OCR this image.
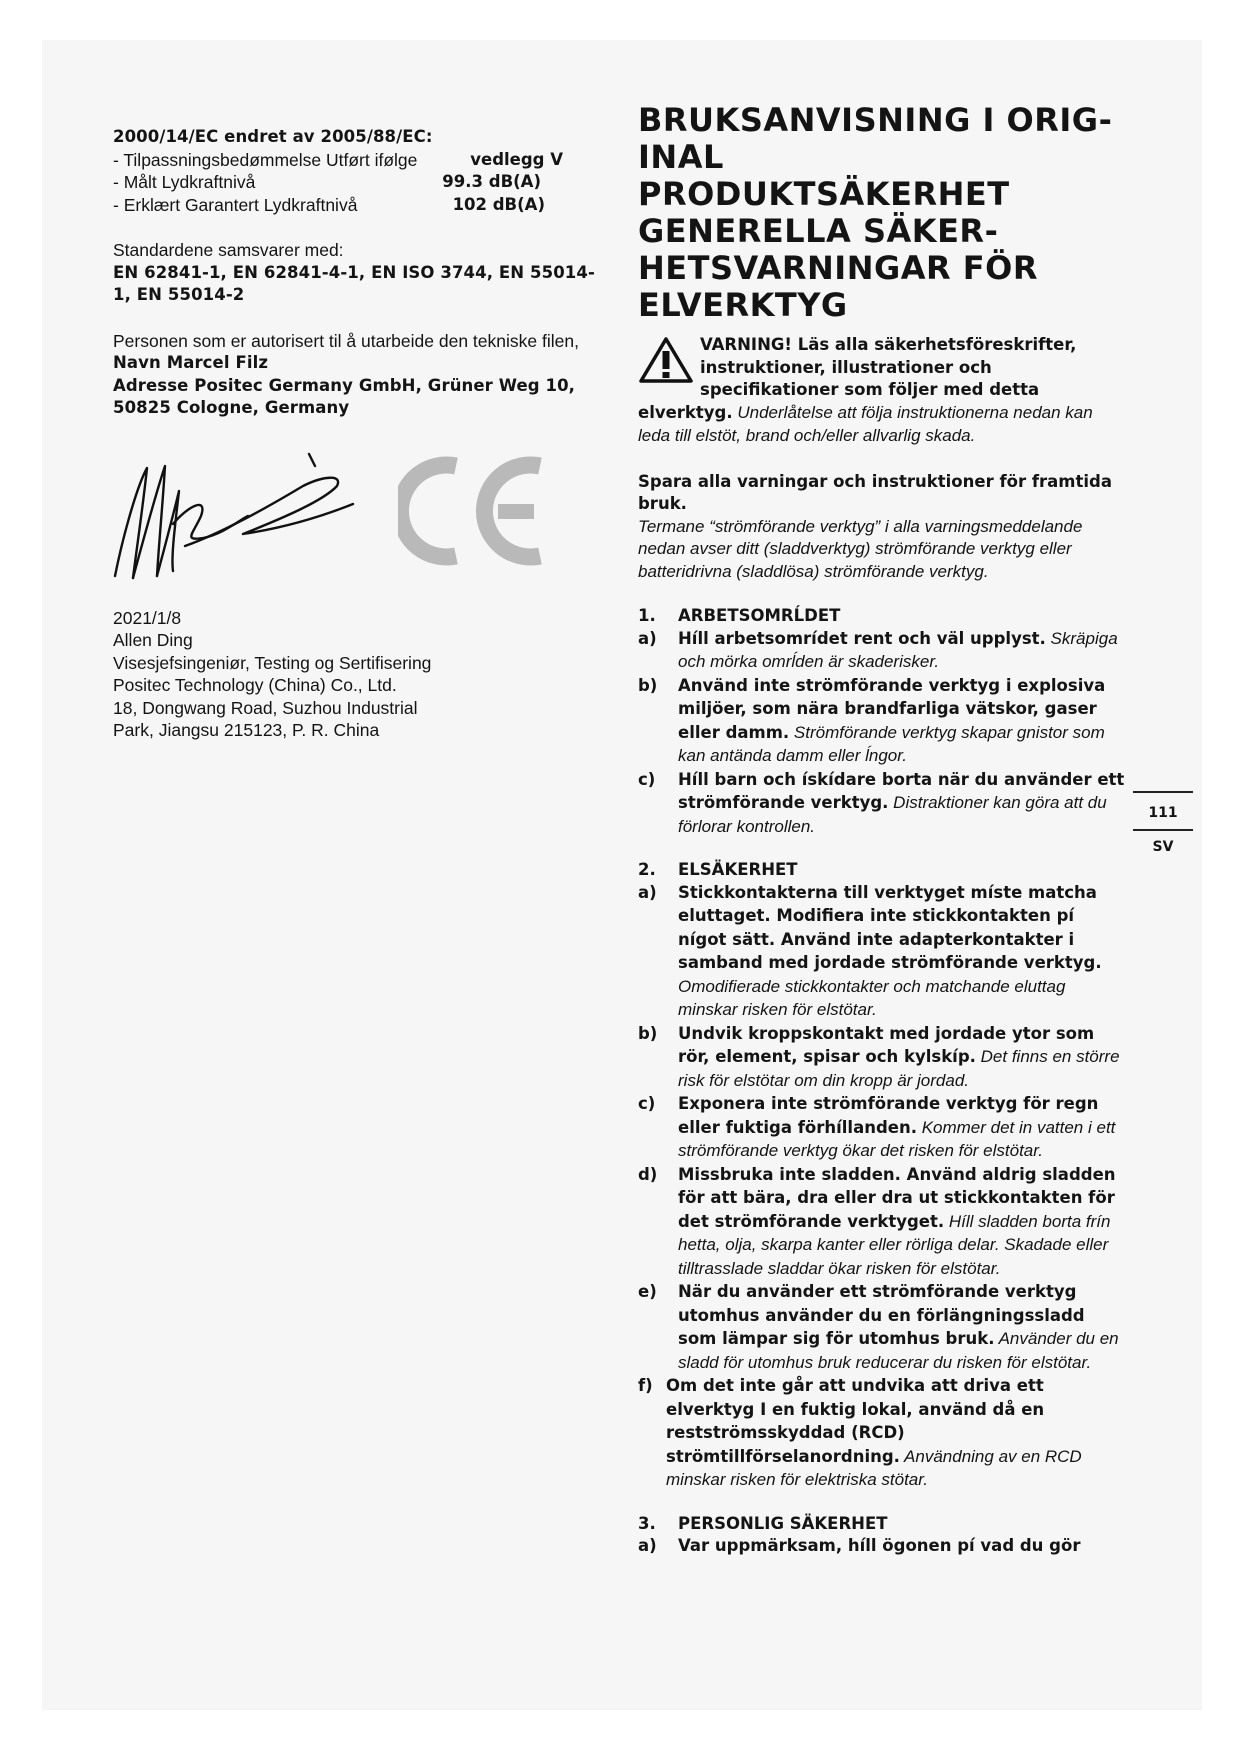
2000/14/EC endret av 2005/88/EC:
- Tilpassningsbedømmelse Utført ifølge	vedlegg V
- Målt Lydkraftnivå	99.3 dB(A)
- Erklært Garantert Lydkraftnivå	102 dB(A)
Standardene samsvarer med:
EN 62841-1, EN 62841-4-1, EN ISO 3744, EN 55014-1, EN 55014-2
Personen som er autorisert til å utarbeide den tekniske filen,
Navn Marcel Filz
Adresse Positec Germany GmbH, Grüner Weg 10, 50825 Cologne, Germany
2021/1/8
Allen Ding
Visesjefsingeniør, Testing og Sertifisering
Positec Technology (China) Co., Ltd.
18, Dongwang Road, Suzhou Industrial
Park, Jiangsu 215123, P. R. China
BRUKSANVISNING I ORIG-
INAL
PRODUKTSÄKERHET
GENERELLA SÄKER-
HETSVARNINGAR FÖR
ELVERKTYG
VARNING! Läs alla säkerhetsföreskrifter,
instruktioner, illustrationer och
specifikationer som följer med detta
elverktyg. Underlåtelse att följa instruktionerna nedan kan leda till elstöt, brand och/eller allvarlig skada.
Spara alla varningar och instruktioner för framtida bruk.
Termane “strömförande verktyg” i alla varningsmeddelande nedan avser ditt (sladdverktyg) strömförande verktyg eller batteridrivna (sladdlösa) strömförande verktyg.
1.	ARBETSOMRĹDET
a)	Híll arbetsomrídet rent och väl upplyst. Skräpiga och mörka omrĺden är skaderisker.
b)	Använd inte strömförande verktyg i explosiva miljöer, som nära brandfarliga vätskor, gaser eller damm. Strömförande verktyg skapar gnistor som kan antända damm eller ĺngor.
c)	Híll barn och ískídare borta när du använder ett strömförande verktyg. Distraktioner kan göra att du förlorar kontrollen.
2.	ELSÄKERHET
a)	Stickkontakterna till verktyget míste matcha eluttaget. Modifiera inte stickkontakten pí nígot sätt. Använd inte adapterkontakter i samband med jordade strömförande verktyg. Omodifierade stickkontakter och matchande eluttag minskar risken för elstötar.
b)	Undvik kroppskontakt med jordade ytor som rör, element, spisar och kylskíp. Det finns en större risk för elstötar om din kropp är jordad.
c)	Exponera inte strömförande verktyg för regn eller fuktiga förhíllanden. Kommer det in vatten i ett strömförande verktyg ökar det risken för elstötar.
d)	Missbruka inte sladden. Använd aldrig sladden för att bära, dra eller dra ut stickkontakten för det strömförande verktyget. Híll sladden borta frín hetta, olja, skarpa kanter eller rörliga delar. Skadade eller tilltrasslade sladdar ökar risken för elstötar.
e)	När du använder ett strömförande verktyg utomhus använder du en förlängningssladd som lämpar sig för utomhus bruk. Använder du en sladd för utomhus bruk reducerar du risken för elstötar.
f) Om det inte går att undvika att driva ett elverktyg I en fuktig lokal, använd då en restströmsskyddad (RCD) strömtillförselanordning. Användning av en RCD minskar risken för elektriska stötar.
3.	PERSONLIG SÄKERHET
a)	Var uppmärksam, híll ögonen pí vad du gör
111
SV
